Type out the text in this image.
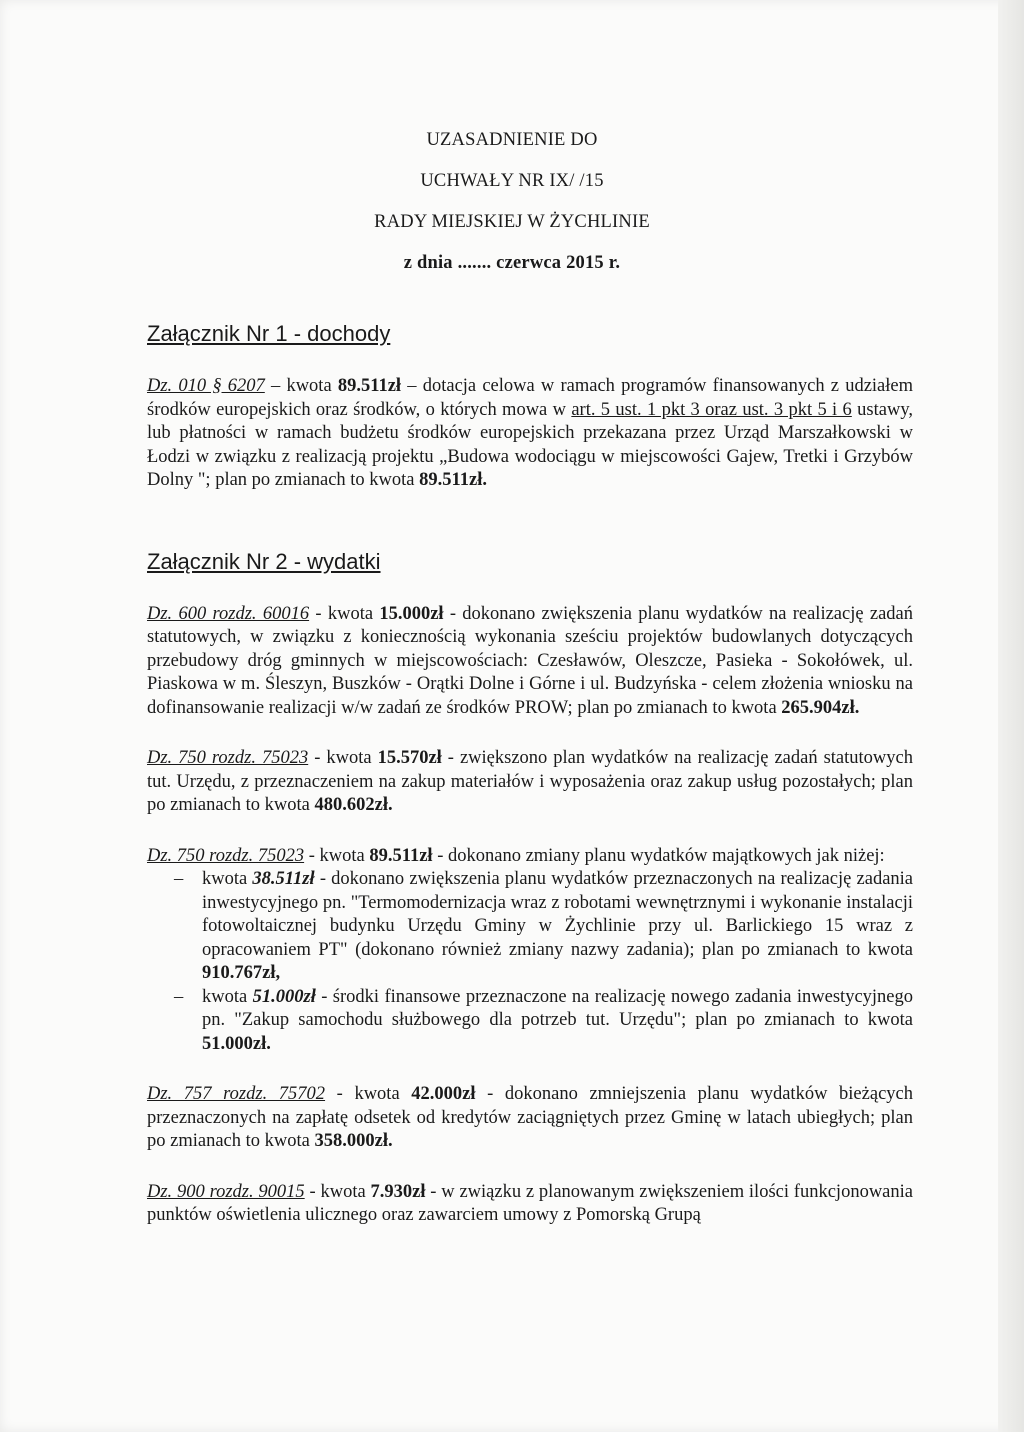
UZASADNIENIE DO
UCHWAŁY NR IX/ /15
RADY MIEJSKIEJ W ŻYCHLINIE
z dnia ....... czerwca 2015 r.
Załącznik Nr 1 - dochody

Dz. 010 § 6207 – kwota 89.511zł – dotacja celowa w ramach programów finansowanych z udziałem środków europejskich oraz środków, o których mowa w art. 5 ust. 1 pkt 3 oraz ust. 3 pkt 5 i 6 ustawy, lub płatności w ramach budżetu środków europejskich przekazana przez Urząd Marszałkowski w Łodzi w związku z realizacją projektu „Budowa wodociągu w miejscowości Gajew, Tretki i Grzybów Dolny "; plan po zmianach to kwota 89.511zł.

Załącznik Nr 2 - wydatki

Dz. 600 rozdz. 60016 - kwota 15.000zł - dokonano zwiększenia planu wydatków na realizację zadań statutowych, w związku z koniecznością wykonania sześciu projektów budowlanych dotyczących przebudowy dróg gminnych w miejscowościach: Czesławów, Oleszcze, Pasieka - Sokołówek, ul. Piaskowa w m. Śleszyn, Buszków - Orątki Dolne i Górne i ul. Budzyńska - celem złożenia wniosku na dofinansowanie realizacji w/w zadań ze środków PROW; plan po zmianach to kwota 265.904zł.

Dz. 750 rozdz. 75023 - kwota 15.570zł - zwiększono plan wydatków na realizację zadań statutowych tut. Urzędu, z przeznaczeniem na zakup materiałów i wyposażenia oraz zakup usług pozostałych; plan po zmianach to kwota 480.602zł.

Dz. 750 rozdz. 75023 - kwota 89.511zł - dokonano zmiany planu wydatków majątkowych jak niżej:

– kwota 38.511zł - dokonano zwiększenia planu wydatków przeznaczonych na realizację zadania inwestycyjnego pn. "Termomodernizacja wraz z robotami wewnętrznymi i wykonanie instalacji fotowoltaicznej budynku Urzędu Gminy w Żychlinie przy ul. Barlickiego 15 wraz z opracowaniem PT" (dokonano również zmiany nazwy zadania); plan po zmianach to kwota 910.767zł,
– kwota 51.000zł - środki finansowe przeznaczone na realizację nowego zadania inwestycyjnego pn. "Zakup samochodu służbowego dla potrzeb tut. Urzędu"; plan po zmianach to kwota 51.000zł.

Dz. 757 rozdz. 75702 - kwota 42.000zł - dokonano zmniejszenia planu wydatków bieżących przeznaczonych na zapłatę odsetek od kredytów zaciągniętych przez Gminę w latach ubiegłych; plan po zmianach to kwota 358.000zł.

Dz. 900 rozdz. 90015 - kwota 7.930zł - w związku z planowanym zwiększeniem ilości funkcjonowania punktów oświetlenia ulicznego oraz zawarciem umowy z Pomorską Grupą
